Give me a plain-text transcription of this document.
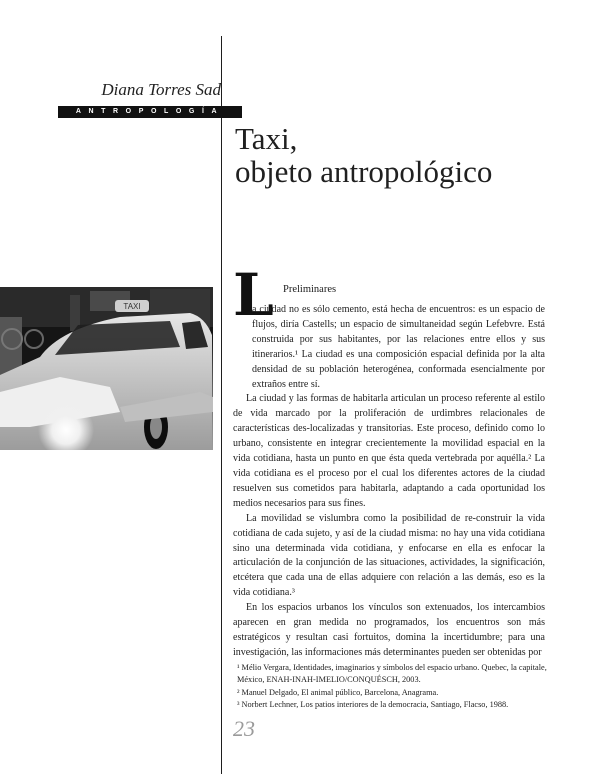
Diana Torres Sad
ANTROPOLOGÍA
Taxi,
objeto antropológico
TAXI L Preliminares

a ciudad no es sólo cemento, está hecha de encuentros: es un espacio de flujos, diría Castells; un espacio de simultaneidad según Lefebvre. Está construida por sus habitantes, por las relaciones entre ellos y sus itinerarios.¹ La ciudad es una composición espacial definida por la alta densidad de su población heterogénea, conformada esencialmente por extraños entre sí.

La ciudad y las formas de habitarla articulan un proceso referente al estilo de vida marcado por la proliferación de urdimbres relacionales de características des-localizadas y transitorias. Este proceso, definido como lo urbano, consistente en integrar crecientemente la movilidad espacial en la vida cotidiana, hasta un punto en que ésta queda vertebrada por aquélla.² La vida cotidiana es el proceso por el cual los diferentes actores de la ciudad resuelven sus cometidos para habitarla, adaptando a cada oportunidad los medios necesarios para sus fines.

La movilidad se vislumbra como la posibilidad de re-construir la vida cotidiana de cada sujeto, y así de la ciudad misma: no hay una vida cotidiana sino una determinada vida cotidiana, y enfocarse en ella es enfocar la articulación de la conjunción de las situaciones, actividades, la significación, etcétera que cada una de ellas adquiere con relación a las demás, eso es la vida cotidiana.³

En los espacios urbanos los vínculos son extenuados, los intercambios aparecen en gran medida no programados, los encuentros son más estratégicos y resultan casi fortuitos, domina la incertidumbre; para una investigación, las informaciones más determinantes pueden ser obtenidas por

¹ Mélio Vergara, Identidades, imaginarios y símbolos del espacio urbano. Quebec, la capitale, México, ENAH-INAH-IMELIO/CONQUÉSCH, 2003.
² Manuel Delgado, El animal público, Barcelona, Anagrama.
³ Norbert Lechner, Los patios interiores de la democracia, Santiago, Flacso, 1988.
23
